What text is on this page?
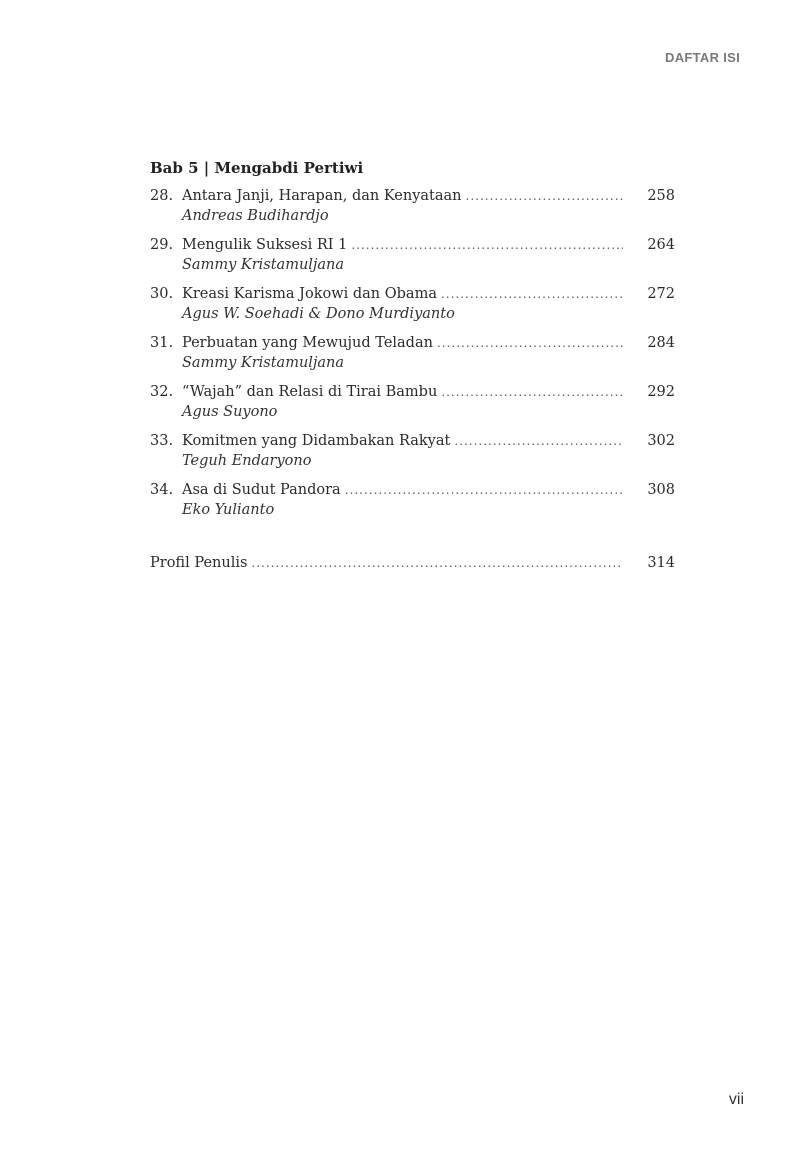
DAFTAR ISI
Bab 5 | Mengabdi Pertiwi
28. Antara Janji, Harapan, dan Kenyataan .....	258
Andreas Budihardjo
29. Mengulik Suksesi RI 1 .....	264
Sammy Kristamuljana
30. Kreasi Karisma Jokowi dan Obama .....	272
Agus W. Soehadi & Dono Murdiyanto
31. Perbuatan yang Mewujud Teladan .....	284
Sammy Kristamuljana
32. “Wajah” dan Relasi di Tirai Bambu .....	292
Agus Suyono
33. Komitmen yang Didambakan Rakyat .....	302
Teguh Endaryono
34. Asa di Sudut Pandora .....	308
Eko Yulianto
Profil Penulis .....	314
vii
